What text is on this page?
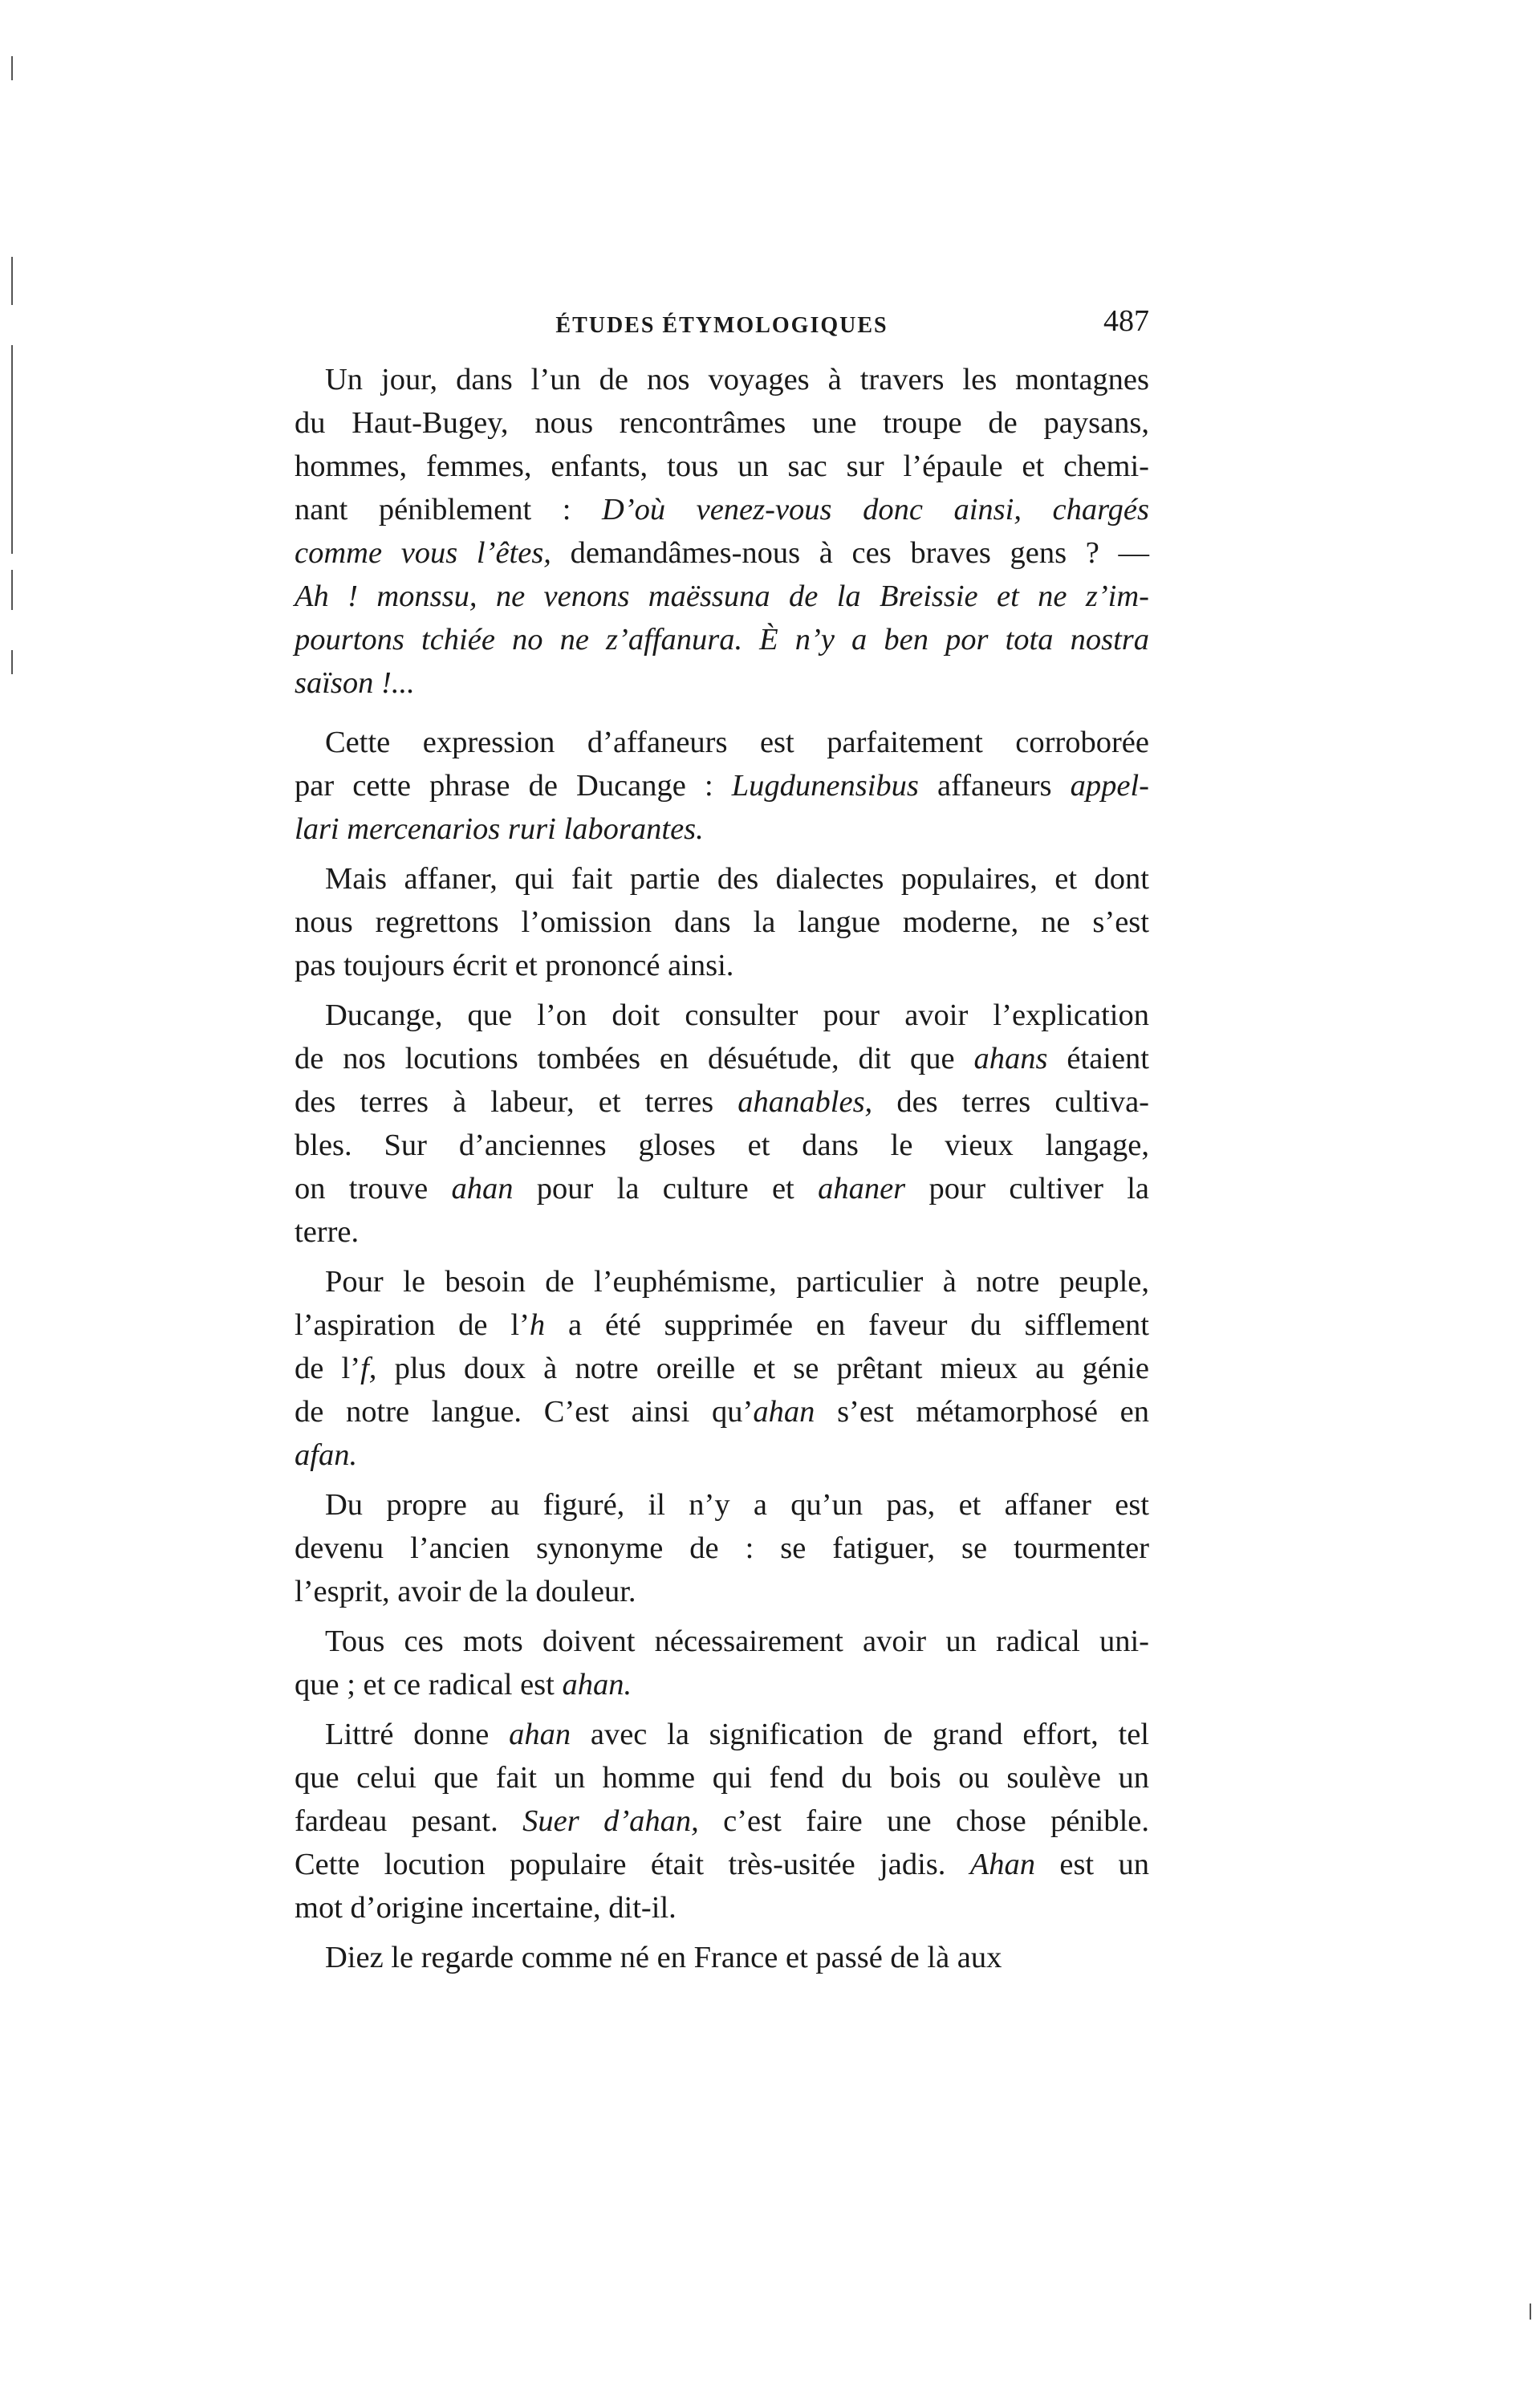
ÉTUDES ÉTYMOLOGIQUES	487
Un jour, dans l’un de nos voyages à travers les montagnes
du Haut-Bugey, nous rencontrâmes une troupe de paysans,
hommes, femmes, enfants, tous un sac sur l’épaule et chemi-
nant péniblement : D’où venez-vous donc ainsi, chargés
comme vous l’êtes, demandâmes-nous à ces braves gens ? —
Ah ! monssu, ne venons maëssuna de la Breissie et ne z’im-
pourtons tchiée no ne z’affanura. È n’y a ben por tota nostra
saïson !...
Cette expression d’affaneurs est parfaitement corroborée
par cette phrase de Ducange : Lugdunensibus affaneurs appel-
lari mercenarios ruri laborantes.
Mais affaner, qui fait partie des dialectes populaires, et dont
nous regrettons l’omission dans la langue moderne, ne s’est
pas toujours écrit et prononcé ainsi.
Ducange, que l’on doit consulter pour avoir l’explication
de nos locutions tombées en désuétude, dit que ahans étaient
des terres à labeur, et terres ahanables, des terres cultiva-
bles. Sur d’anciennes gloses et dans le vieux langage,
on trouve ahan pour la culture et ahaner pour cultiver la
terre.
Pour le besoin de l’euphémisme, particulier à notre peuple,
l’aspiration de l’h a été supprimée en faveur du sifflement
de l’f, plus doux à notre oreille et se prêtant mieux au génie
de notre langue. C’est ainsi qu’ahan s’est métamorphosé en
afan.
Du propre au figuré, il n’y a qu’un pas, et affaner est
devenu l’ancien synonyme de : se fatiguer, se tourmenter
l’esprit, avoir de la douleur.
Tous ces mots doivent nécessairement avoir un radical uni-
que ; et ce radical est ahan.
Littré donne ahan avec la signification de grand effort, tel
que celui que fait un homme qui fend du bois ou soulève un
fardeau pesant. Suer d’ahan, c’est faire une chose pénible.
Cette locution populaire était très-usitée jadis. Ahan est un
mot d’origine incertaine, dit-il.
Diez le regarde comme né en France et passé de là aux
